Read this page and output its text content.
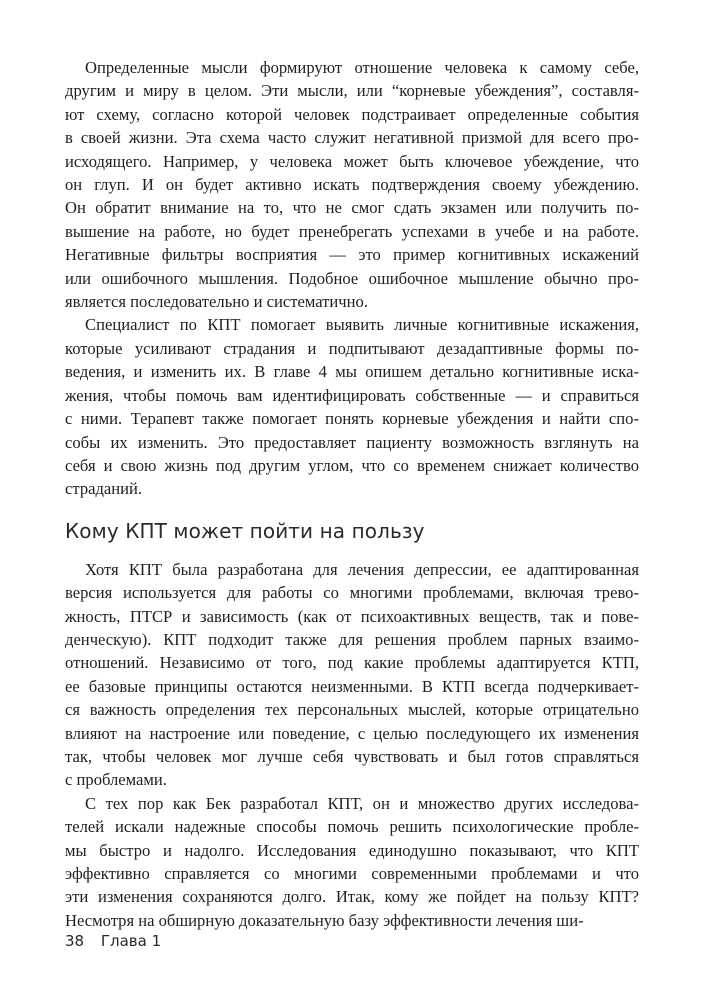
Определенные мысли формируют отношение человека к самому себе,
другим и миру в целом. Эти мысли, или “корневые убеждения”, составля-
ют схему, согласно которой человек подстраивает определенные события
в своей жизни. Эта схема часто служит негативной призмой для всего про-
исходящего. Например, у человека может быть ключевое убеждение, что
он глуп. И он будет активно искать подтверждения своему убеждению.
Он обратит внимание на то, что не смог сдать экзамен или получить по-
вышение на работе, но будет пренебрегать успехами в учебе и на работе.
Негативные фильтры восприятия — это пример когнитивных искажений
или ошибочного мышления. Подобное ошибочное мышление обычно про-
является последовательно и систематично.

Специалист по КПТ помогает выявить личные когнитивные искажения,
которые усиливают страдания и подпитывают дезадаптивные формы по-
ведения, и изменить их. В главе 4 мы опишем детально когнитивные иска-
жения, чтобы помочь вам идентифицировать собственные — и справиться
с ними. Терапевт также помогает понять корневые убеждения и найти спо-
собы их изменить. Это предоставляет пациенту возможность взглянуть на
себя и свою жизнь под другим углом, что со временем снижает количество
страданий.

Кому КПТ может пойти на пользу

Хотя КПТ была разработана для лечения депрессии, ее адаптированная
версия используется для работы со многими проблемами, включая трево-
жность, ПТСР и зависимость (как от психоактивных веществ, так и пове-
денческую). КПТ подходит также для решения проблем парных взаимо-
отношений. Независимо от того, под какие проблемы адаптируется КТП,
ее базовые принципы остаются неизменными. В КТП всегда подчеркивает-
ся важность определения тех персональных мыслей, которые отрицательно
влияют на настроение или поведение, с целью последующего их изменения
так, чтобы человек мог лучше себя чувствовать и был готов справляться
с проблемами.

С тех пор как Бек разработал КПТ, он и множество других исследова-
телей искали надежные способы помочь решить психологические пробле-
мы быстро и надолго. Исследования единодушно показывают, что КПТ
эффективно справляется со многими современными проблемами и что
эти изменения сохраняются долго. Итак, кому же пойдет на пользу КПТ?
Несмотря на обширную доказательную базу эффективности лечения ши-

38 Глава 1
